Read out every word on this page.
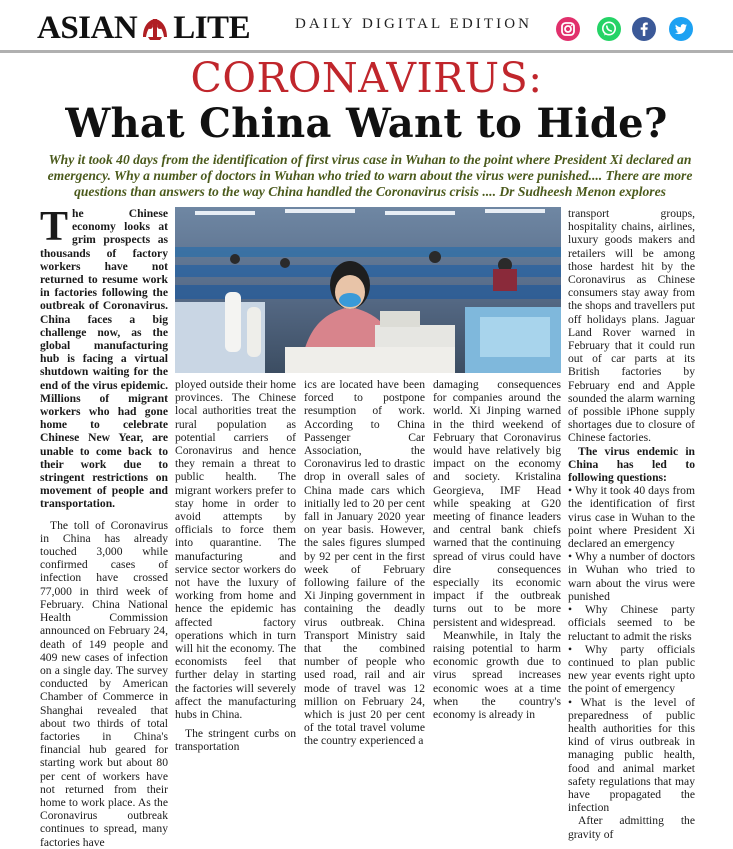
ASIAN LITE	DAILY DIGITAL EDITION
CORONAVIRUS:
What China Want to Hide?
Why it took 40 days from the identification of first virus case in Wuhan to the point where President Xi declared an emergency. Why a number of doctors in Wuhan who tried to warn about the virus were punished.... There are more questions than answers to the way China handled the Coronavirus crisis .... Dr Sudheesh Menon explores

The Chinese economy looks at grim prospects as thousands of factory workers have not returned to resume work in factories following the outbreak of Coronavirus. China faces a big challenge now, as the global manufacturing hub is facing a virtual shutdown waiting for the end of the virus epidemic. Millions of migrant workers who had gone home to celebrate Chinese New Year, are unable to come back to their work due to stringent restrictions on movement of people and transportation.

The toll of Coronavirus in China has already touched 3,000 while confirmed cases of infection have crossed 77,000 in third week of February. China National Health Commission announced on February 24, death of 149 people and 409 new cases of infection on a single day. The survey conducted by American Chamber of Commerce in Shanghai revealed that about two thirds of total factories in China's financial hub geared for starting work but about 80 per cent of workers have not returned from their home to work place. As the Coronavirus outbreak continues to spread, many factories have

ployed outside their home provinces. The Chinese local authorities treat the rural population as potential carriers of Coronavirus and hence they remain a threat to public health. The migrant workers prefer to stay home in order to avoid attempts by officials to force them into quarantine. The manufacturing and service sector workers do not have the luxury of working from home and hence the epidemic has affected factory operations which in turn will hit the economy. The economists feel that further delay in starting the factories will severely affect the manufacturing hubs in China.

The stringent curbs on transportation

ics are located have been forced to postpone resumption of work. According to China Passenger Car Association, the Coronavirus led to drastic drop in overall sales of China made cars which initially led to 20 per cent fall in January 2020 year on year basis. However, the sales figures slumped by 92 per cent in the first week of February following failure of the Xi Jinping government in containing the deadly virus outbreak. China Transport Ministry said that the combined number of people who used road, rail and air mode of travel was 12 million on February 24, which is just 20 per cent of the total travel volume the country experienced a

damaging consequences for companies around the world. Xi Jinping warned in the third weekend of February that Coronavirus would have relatively big impact on the economy and society. Kristalina Georgieva, IMF Head while speaking at G20 meeting of finance leaders and central bank chiefs warned that the continuing spread of virus could have dire consequences especially its economic impact if the outbreak turns out to be more persistent and widespread.

Meanwhile, in Italy the raising potential to harm economic growth due to virus spread increases economic woes at a time when the country's economy is already in

transport groups, hospitality chains, airlines, luxury goods makers and retailers will be among those hardest hit by the Coronavirus as Chinese consumers stay away from the shops and travellers put off holidays plans. Jaguar Land Rover warned in February that it could run out of car parts at its British factories by February end and Apple sounded the alarm warning of possible iPhone supply shortages due to closure of Chinese factories.

The virus endemic in China has led to following questions:

• Why it took 40 days from the identification of first virus case in Wuhan to the point where President Xi declared an emergency

• Why a number of doctors in Wuhan who tried to warn about the virus were punished

• Why Chinese party officials seemed to be reluctant to admit the risks

• Why party officials continued to plan public new year events right upto the point of emergency

• What is the level of preparedness of public health authorities for this kind of virus outbreak in managing public health, food and animal market safety regulations that may have propagated the infection

After admitting the gravity of
